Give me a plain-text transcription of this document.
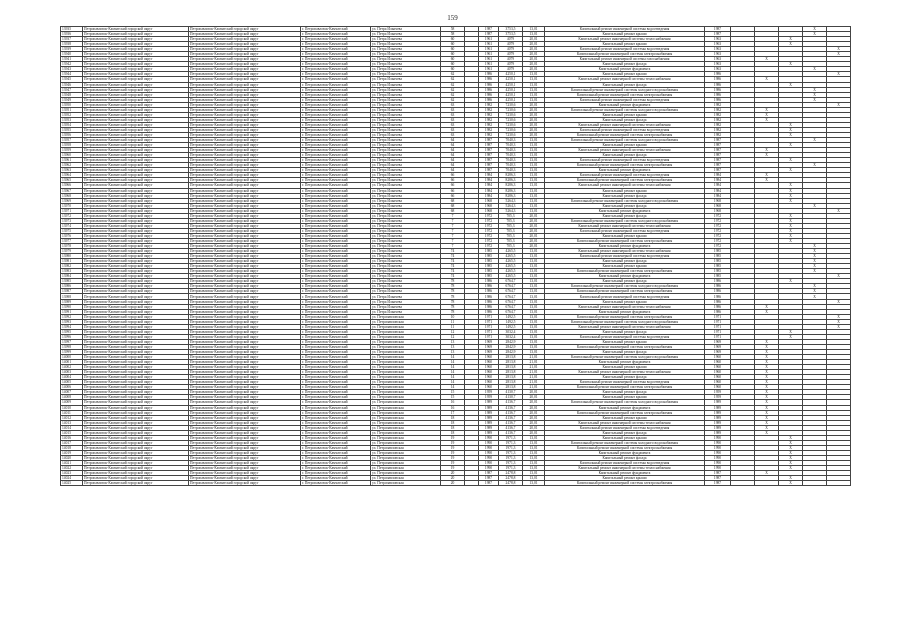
159
13935	Петропавловск-Камчатский городской округ	Петропавловск-Камчатский городской округ	г. Петропавловск-Камчатский	ул. Петра Ильичева	58		1987	3753,5	13,01	Капитальный ремонт инженерной системы водоотведения	1987				X	
13936	Петропавловск-Камчатский городской округ	Петропавловск-Камчатский городской округ	г. Петропавловск-Камчатский	ул. Петра Ильичева	58		1987	3753,5	13,01	Капитальный ремонт крыши	1987				X	
13937	Петропавловск-Камчатский городской округ	Петропавловск-Камчатский городской округ	г. Петропавловск-Камчатский	ул. Петра Ильичева	60		1961	4079	20,01	Капитальный ремонт инженерной системы теплоснабжения	1963			X		
13938	Петропавловск-Камчатский городской округ	Петропавловск-Камчатский городской округ	г. Петропавловск-Камчатский	ул. Петра Ильичева	60		1961	4079	20,01	Капитальный ремонт крыши	1963			X		
13939	Петропавловск-Камчатский городской округ	Петропавловск-Камчатский городской округ	г. Петропавловск-Камчатский	ул. Петра Ильичева	60		1961	4079	20,01	Капитальный ремонт инженерной системы водоотведения	1963					X
13940	Петропавловск-Камчатский городской округ	Петропавловск-Камчатский городской округ	г. Петропавловск-Камчатский	ул. Петра Ильичева	60		1961	4079	20,01	Капитальный ремонт инженерной системы электроснабжения	1963					X
13941	Петропавловск-Камчатский городской округ	Петропавловск-Камчатский городской округ	г. Петропавловск-Камчатский	ул. Петра Ильичева	60		1961	4079	20,01	Капитальный ремонт инженерной системы газоснабжения	1963		X			
13942	Петропавловск-Камчатский городской округ	Петропавловск-Камчатский городской округ	г. Петропавловск-Камчатский	ул. Петра Ильичева	60		1961	4079	20,01	Капитальный ремонт фасада	1963			X		
13943	Петропавловск-Камчатский городской округ	Петропавловск-Камчатский городской округ	г. Петропавловск-Камчатский	ул. Петра Ильичева	60		1961	4079	20,01	Капитальный ремонт фундамента	1963				X	
13944	Петропавловск-Камчатский городской округ	Петропавловск-Камчатский городской округ	г. Петропавловск-Камчатский	ул. Петра Ильичева	62		1986	4250,1	13,01	Капитальный ремонт крыши	1986					X
13945	Петропавловск-Камчатский городской округ	Петропавловск-Камчатский городской округ	г. Петропавловск-Камчатский	ул. Петра Ильичева	62		1986	4250,1	13,01	Капитальный ремонт инженерной системы теплоснабжения	1986		X			
13946	Петропавловск-Камчатский городской округ	Петропавловск-Камчатский городской округ	г. Петропавловск-Камчатский	ул. Петра Ильичева	62		1986	4250,1	13,01	Капитальный ремонт фасада	1986			X		
13947	Петропавловск-Камчатский городской округ	Петропавловск-Камчатский городской округ	г. Петропавловск-Камчатский	ул. Петра Ильичева	62		1986	4250,1	13,01	Капитальный ремонт инженерной системы холодного водоснабжения	1986				X	
13948	Петропавловск-Камчатский городской округ	Петропавловск-Камчатский городской округ	г. Петропавловск-Камчатский	ул. Петра Ильичева	62		1986	4250,1	13,01	Капитальный ремонт инженерной системы электроснабжения	1986				X	
13949	Петропавловск-Камчатский городской округ	Петропавловск-Камчатский городской округ	г. Петропавловск-Камчатский	ул. Петра Ильичева	62		1986	4250,1	13,01	Капитальный ремонт инженерной системы водоотведения	1986				X	
13950	Петропавловск-Камчатский городской округ	Петропавловск-Камчатский городской округ	г. Петропавловск-Камчатский	ул. Петра Ильичева	63		1982	7230,6	20,01	Капитальный ремонт фундамента	1982					X
13951	Петропавловск-Камчатский городской округ	Петропавловск-Камчатский городской округ	г. Петропавловск-Камчатский	ул. Петра Ильичева	63		1982	7230,6	20,01	Капитальный ремонт инженерной системы холодного водоснабжения	1982		X			
13952	Петропавловск-Камчатский городской округ	Петропавловск-Камчатский городской округ	г. Петропавловск-Камчатский	ул. Петра Ильичева	63		1982	7230,6	20,01	Капитальный ремонт крыши	1982		X			
13953	Петропавловск-Камчатский городской округ	Петропавловск-Камчатский городской округ	г. Петропавловск-Камчатский	ул. Петра Ильичева	63		1982	7230,6	20,01	Капитальный ремонт фасада	1982		X			
13954	Петропавловск-Камчатский городской округ	Петропавловск-Камчатский городской округ	г. Петропавловск-Камчатский	ул. Петра Ильичева	63		1982	7230,6	20,01	Капитальный ремонт инженерной системы теплоснабжения	1982			X		
13955	Петропавловск-Камчатский городской округ	Петропавловск-Камчатский городской округ	г. Петропавловск-Камчатский	ул. Петра Ильичева	63		1982	7230,6	20,01	Капитальный ремонт инженерной системы водоотведения	1982			X		
13956	Петропавловск-Камчатский городской округ	Петропавловск-Камчатский городской округ	г. Петропавловск-Камчатский	ул. Петра Ильичева	63		1982	7230,6	20,01	Капитальный ремонт инженерной системы электроснабжения	1982			X		
13957	Петропавловск-Камчатский городской округ	Петропавловск-Камчатский городской округ	г. Петропавловск-Камчатский	ул. Петра Ильичева	64		1987	7040,3	13,01	Капитальный ремонт инженерной системы холодного водоснабжения	1987				X	
13958	Петропавловск-Камчатский городской округ	Петропавловск-Камчатский городской округ	г. Петропавловск-Камчатский	ул. Петра Ильичева	64		1987	7040,3	13,01	Капитальный ремонт крыши	1987			X		
13959	Петропавловск-Камчатский городской округ	Петропавловск-Камчатский городской округ	г. Петропавловск-Камчатский	ул. Петра Ильичева	64		1987	7040,3	13,01	Капитальный ремонт инженерной системы теплоснабжения	1987		X			
13960	Петропавловск-Камчатский городской округ	Петропавловск-Камчатский городской округ	г. Петропавловск-Камчатский	ул. Петра Ильичева	64		1987	7040,3	13,01	Капитальный ремонт фасада	1987		X			
13961	Петропавловск-Камчатский городской округ	Петропавловск-Камчатский городской округ	г. Петропавловск-Камчатский	ул. Петра Ильичева	64		1987	7040,3	13,01	Капитальный ремонт инженерной системы водоотведения	1987			X		
13962	Петропавловск-Камчатский городской округ	Петропавловск-Камчатский городской округ	г. Петропавловск-Камчатский	ул. Петра Ильичева	64		1987	7040,3	13,01	Капитальный ремонт инженерной системы электроснабжения	1987				X	
13963	Петропавловск-Камчатский городской округ	Петропавловск-Камчатский городской округ	г. Петропавловск-Камчатский	ул. Петра Ильичева	64		1987	7040,3	13,01	Капитальный ремонт фундамента	1987			X		
13964	Петропавловск-Камчатский городской округ	Петропавловск-Камчатский городской округ	г. Петропавловск-Камчатский	ул. Петра Ильичева	66		1984	8286,3	13,01	Капитальный ремонт инженерной системы водоотведения	1984		X			
13965	Петропавловск-Камчатский городской округ	Петропавловск-Камчатский городской округ	г. Петропавловск-Камчатский	ул. Петра Ильичева	66		1984	8286,3	13,01	Капитальный ремонт инженерной системы электроснабжения	1984		X			
13966	Петропавловск-Камчатский городской округ	Петропавловск-Камчатский городской округ	г. Петропавловск-Камчатский	ул. Петра Ильичева	66		1984	8286,3	13,01	Капитальный ремонт инженерной системы теплоснабжения	1984			X		
13967	Петропавловск-Камчатский городской округ	Петропавловск-Камчатский городской округ	г. Петропавловск-Камчатский	ул. Петра Ильичева	66		1984	8286,3	13,01	Капитальный ремонт крыши	1984			X		
13968	Петропавловск-Камчатский городской округ	Петропавловск-Камчатский городской округ	г. Петропавловск-Камчатский	ул. Петра Ильичева	66		1984	8286,3	13,01	Капитальный ремонт фасада	1984			X		
13969	Петропавловск-Камчатский городской округ	Петропавловск-Камчатский городской округ	г. Петропавловск-Камчатский	ул. Петра Ильичева	68		1968	5264,3	13,01	Капитальный ремонт инженерной системы холодного водоснабжения	1968			X		
13970	Петропавловск-Камчатский городской округ	Петропавловск-Камчатский городской округ	г. Петропавловск-Камчатский	ул. Петра Ильичева	68		1968	5264,3	13,01	Капитальный ремонт фасада	1968				X	
13971	Петропавловск-Камчатский городской округ	Петропавловск-Камчатский городской округ	г. Петропавловск-Камчатский	ул. Петра Ильичева	68		1968	5264,3	13,01	Капитальный ремонт фундамента	1968					X
13972	Петропавловск-Камчатский городской округ	Петропавловск-Камчатский городской округ	г. Петропавловск-Камчатский	ул. Петра Ильичева	7		1972	705,3	20,01	Капитальный ремонт фасада	1972			X		
13973	Петропавловск-Камчатский городской округ	Петропавловск-Камчатский городской округ	г. Петропавловск-Камчатский	ул. Петра Ильичева	7		1972	705,3	20,01	Капитальный ремонт инженерной системы холодного водоснабжения	1972			X		
13974	Петропавловск-Камчатский городской округ	Петропавловск-Камчатский городской округ	г. Петропавловск-Камчатский	ул. Петра Ильичева	7		1972	705,3	20,01	Капитальный ремонт инженерной системы теплоснабжения	1972			X		
13975	Петропавловск-Камчатский городской округ	Петропавловск-Камчатский городской округ	г. Петропавловск-Камчатский	ул. Петра Ильичева	7		1972	705,3	20,01	Капитальный ремонт инженерной системы водоотведения	1972			X		
13976	Петропавловск-Камчатский городской округ	Петропавловск-Камчатский городской округ	г. Петропавловск-Камчатский	ул. Петра Ильичева	7		1972	705,3	20,01	Капитальный ремонт крыши	1972			X		
13977	Петропавловск-Камчатский городской округ	Петропавловск-Камчатский городской округ	г. Петропавловск-Камчатский	ул. Петра Ильичева	7		1972	705,3	20,01	Капитальный ремонт инженерной системы электроснабжения	1972			X		
13978	Петропавловск-Камчатский городской округ	Петропавловск-Камчатский городской округ	г. Петропавловск-Камчатский	ул. Петра Ильичева	7		1972	705,3	20,01	Капитальный ремонт фундамента	1972				X	
13979	Петропавловск-Камчатский городской округ	Петропавловск-Камчатский городской округ	г. Петропавловск-Камчатский	ул. Петра Ильичева	74		1985	4265,5	13,01	Капитальный ремонт инженерной системы теплоснабжения	1985				X	
13980	Петропавловск-Камчатский городской округ	Петропавловск-Камчатский городской округ	г. Петропавловск-Камчатский	ул. Петра Ильичева	74		1985	4265,5	13,01	Капитальный ремонт инженерной системы водоотведения	1985				X	
13981	Петропавловск-Камчатский городской округ	Петропавловск-Камчатский городской округ	г. Петропавловск-Камчатский	ул. Петра Ильичева	74		1985	4265,5	13,01	Капитальный ремонт фасада	1985				X	
13982	Петропавловск-Камчатский городской округ	Петропавловск-Камчатский городской округ	г. Петропавловск-Камчатский	ул. Петра Ильичева	74		1985	4265,5	13,01	Капитальный ремонт крыши	1985				X	
13983	Петропавловск-Камчатский городской округ	Петропавловск-Камчатский городской округ	г. Петропавловск-Камчатский	ул. Петра Ильичева	74		1985	4265,5	13,01	Капитальный ремонт инженерной системы электроснабжения	1985				X	
13984	Петропавловск-Камчатский городской округ	Петропавловск-Камчатский городской округ	г. Петропавловск-Камчатский	ул. Петра Ильичева	74		1985	4265,5	13,01	Капитальный ремонт фундамента	1985					X
13985	Петропавловск-Камчатский городской округ	Петропавловск-Камчатский городской округ	г. Петропавловск-Камчатский	ул. Петра Ильичева	78		1986	6764,7	13,01	Капитальный ремонт фасада	1986			X		
13986	Петропавловск-Камчатский городской округ	Петропавловск-Камчатский городской округ	г. Петропавловск-Камчатский	ул. Петра Ильичева	78		1986	6764,7	13,01	Капитальный ремонт инженерной системы холодного водоснабжения	1986				X	
13987	Петропавловск-Камчатский городской округ	Петропавловск-Камчатский городской округ	г. Петропавловск-Камчатский	ул. Петра Ильичева	78		1986	6764,7	13,01	Капитальный ремонт инженерной системы электроснабжения	1986				X	
13988	Петропавловск-Камчатский городской округ	Петропавловск-Камчатский городской округ	г. Петропавловск-Камчатский	ул. Петра Ильичева	78		1986	6764,7	13,01	Капитальный ремонт инженерной системы водоотведения	1986				X	
13989	Петропавловск-Камчатский городской округ	Петропавловск-Камчатский городской округ	г. Петропавловск-Камчатский	ул. Петра Ильичева	78		1986	6764,7	13,01	Капитальный ремонт крыши	1986					X
13990	Петропавловск-Камчатский городской округ	Петропавловск-Камчатский городской округ	г. Петропавловск-Камчатский	ул. Петра Ильичева	78		1986	6764,7	13,01	Капитальный ремонт инженерной системы теплоснабжения	1986		X			
13991	Петропавловск-Камчатский городской округ	Петропавловск-Камчатский городской округ	г. Петропавловск-Камчатский	ул. Петра Ильичева	78		1986	6764,7	13,01	Капитальный ремонт фундамента	1986		X			
13992	Петропавловск-Камчатский городской округ	Петропавловск-Камчатский городской округ	г. Петропавловск-Камчатский	ул. Петропавловская	10		1971	1492,5	13,01	Капитальный ремонт инженерной системы электроснабжения	1971					X
13993	Петропавловск-Камчатский городской округ	Петропавловск-Камчатский городской округ	г. Петропавловск-Камчатский	ул. Петропавловская	11		1971	1492,5	13,01	Капитальный ремонт инженерной системы холодного водоснабжения	1971					X
13994	Петропавловск-Камчатский городской округ	Петропавловск-Камчатский городской округ	г. Петропавловск-Камчатский	ул. Петропавловская	11		1971	1492,5	13,01	Капитальный ремонт инженерной системы теплоснабжения	1971					X
13995	Петропавловск-Камчатский городской округ	Петропавловск-Камчатский городской округ	г. Петропавловск-Камчатский	ул. Петропавловская	12		1971	3032,4	13,01	Капитальный ремонт фасада	1971			X		
13996	Петропавловск-Камчатский городской округ	Петропавловск-Камчатский городской округ	г. Петропавловск-Камчатский	ул. Петропавловская	12		1971	3032,4	13,01	Капитальный ремонт инженерной системы водоотведения	1971			X		
13997	Петропавловск-Камчатский городской округ	Петропавловск-Камчатский городской округ	г. Петропавловск-Камчатский	ул. Петропавловская	13		1969	2842,9	13,01	Капитальный ремонт крыши	1969		X			
13998	Петропавловск-Камчатский городской округ	Петропавловск-Камчатский городской округ	г. Петропавловск-Камчатский	ул. Петропавловская	13		1969	2842,9	13,01	Капитальный ремонт инженерной системы электроснабжения	1969		X			
13999	Петропавловск-Камчатский городской округ	Петропавловск-Камчатский городской округ	г. Петропавловск-Камчатский	ул. Петропавловская	13		1969	2842,9	13,01	Капитальный ремонт фасада	1969		X			
14000	Петропавловск-Камчатский городской округ	Петропавловск-Камчатский городской округ	г. Петропавловск-Камчатский	ул. Петропавловская	14		1960	2813,8	21,01	Капитальный ремонт инженерной системы холодного водоснабжения	1960		X			
14001	Петропавловск-Камчатский городской округ	Петропавловск-Камчатский городской округ	г. Петропавловск-Камчатский	ул. Петропавловская	14		1960	2813,8	21,01	Капитальный ремонт фундамента	1960		X			
14002	Петропавловск-Камчатский городской округ	Петропавловск-Камчатский городской округ	г. Петропавловск-Камчатский	ул. Петропавловская	14		1960	2813,8	21,01	Капитальный ремонт крыши	1960		X			
14003	Петропавловск-Камчатский городской округ	Петропавловск-Камчатский городской округ	г. Петропавловск-Камчатский	ул. Петропавловская	14		1960	2813,8	21,01	Капитальный ремонт инженерной системы теплоснабжения	1960		X			
14004	Петропавловск-Камчатский городской округ	Петропавловск-Камчатский городской округ	г. Петропавловск-Камчатский	ул. Петропавловская	14		1960	2813,8	21,01	Капитальный ремонт фасада	1960		X			
14005	Петропавловск-Камчатский городской округ	Петропавловск-Камчатский городской округ	г. Петропавловск-Камчатский	ул. Петропавловская	14		1960	2813,8	21,01	Капитальный ремонт инженерной системы водоотведения	1960		X			
14006	Петропавловск-Камчатский городской округ	Петропавловск-Камчатский городской округ	г. Петропавловск-Камчатский	ул. Петропавловская	14		1960	2813,8	21,01	Капитальный ремонт инженерной системы электроснабжения	1960		X			
14007	Петропавловск-Камчатский городской округ	Петропавловск-Камчатский городской округ	г. Петропавловск-Камчатский	ул. Петропавловская	15		1959	4130,7	20,01	Капитальный ремонт фасада	1959		X			
14008	Петропавловск-Камчатский городской округ	Петропавловск-Камчатский городской округ	г. Петропавловск-Камчатский	ул. Петропавловская	15		1959	4130,7	20,01	Капитальный ремонт крыши	1959		X			
14009	Петропавловск-Камчатский городской округ	Петропавловск-Камчатский городской округ	г. Петропавловск-Камчатский	ул. Петропавловская	16		1989	4136,7	20,01	Капитальный ремонт инженерной системы холодного водоснабжения	1989		X			
14010	Петропавловск-Камчатский городской округ	Петропавловск-Камчатский городской округ	г. Петропавловск-Камчатский	ул. Петропавловская	16		1989	4136,7	20,01	Капитальный ремонт фундамента	1989		X			
14011	Петропавловск-Камчатский городской округ	Петропавловск-Камчатский городской округ	г. Петропавловск-Камчатский	ул. Петропавловская	17		1989	4136,7	20,01	Капитальный ремонт инженерной системы электроснабжения	1989		X			
14012	Петропавловск-Камчатский городской округ	Петропавловск-Камчатский городской округ	г. Петропавловск-Камчатский	ул. Петропавловская	18		1989	4136,7	20,01	Капитальный ремонт крыши	1989		X			
14013	Петропавловск-Камчатский городской округ	Петропавловск-Камчатский городской округ	г. Петропавловск-Камчатский	ул. Петропавловская	18		1989	4136,7	20,01	Капитальный ремонт инженерной системы теплоснабжения	1989		X			
14014	Петропавловск-Камчатский городской округ	Петропавловск-Камчатский городской округ	г. Петропавловск-Камчатский	ул. Петропавловская	18		1989	4136,7	20,01	Капитальный ремонт инженерной системы водоотведения	1989		X			
14015	Петропавловск-Камчатский городской округ	Петропавловск-Камчатский городской округ	г. Петропавловск-Камчатский	ул. Петропавловская	18		1989	4136,7	20,01	Капитальный ремонт фасада	1989		X			
14016	Петропавловск-Камчатский городской округ	Петропавловск-Камчатский городской округ	г. Петропавловск-Камчатский	ул. Петропавловская	19		1990	1971,3	13,01	Капитальный ремонт крыши	1990			X		
14017	Петропавловск-Камчатский городской округ	Петропавловск-Камчатский городской округ	г. Петропавловск-Камчатский	ул. Петропавловская	19		1990	1971,3	13,01	Капитальный ремонт инженерной системы холодного водоснабжения	1990			X		
14018	Петропавловск-Камчатский городской округ	Петропавловск-Камчатский городской округ	г. Петропавловск-Камчатский	ул. Петропавловская	19		1990	1971,3	13,01	Капитальный ремонт инженерной системы электроснабжения	1990			X		
14019	Петропавловск-Камчатский городской округ	Петропавловск-Камчатский городской округ	г. Петропавловск-Камчатский	ул. Петропавловская	19		1990	1971,3	13,01	Капитальный ремонт фундамента	1990			X		
14020	Петропавловск-Камчатский городской округ	Петропавловск-Камчатский городской округ	г. Петропавловск-Камчатский	ул. Петропавловская	19		1990	1971,3	13,01	Капитальный ремонт фасада	1990			X		
14021	Петропавловск-Камчатский городской округ	Петропавловск-Камчатский городской округ	г. Петропавловск-Камчатский	ул. Петропавловская	19		1990	1971,3	13,01	Капитальный ремонт инженерной системы водоотведения	1990			X		
14022	Петропавловск-Камчатский городской округ	Петропавловск-Камчатский городской округ	г. Петропавловск-Камчатский	ул. Петропавловская	19		1990	1971,3	13,01	Капитальный ремонт инженерной системы теплоснабжения	1990			X		
14023	Петропавловск-Камчатский городской округ	Петропавловск-Камчатский городской округ	г. Петропавловск-Камчатский	ул. Петропавловская	20		1987	2478,8	13,01	Капитальный ремонт фундамента	1987		X			
14024	Петропавловск-Камчатский городской округ	Петропавловск-Камчатский городской округ	г. Петропавловск-Камчатский	ул. Петропавловская	20		1987	2478,8	13,01	Капитальный ремонт крыши	1987			X		
14025	Петропавловск-Камчатский городской округ	Петропавловск-Камчатский городской округ	г. Петропавловск-Камчатский	ул. Петропавловская	20		1987	2478,8	13,01	Капитальный ремонт инженерной системы электроснабжения	1987			X		
